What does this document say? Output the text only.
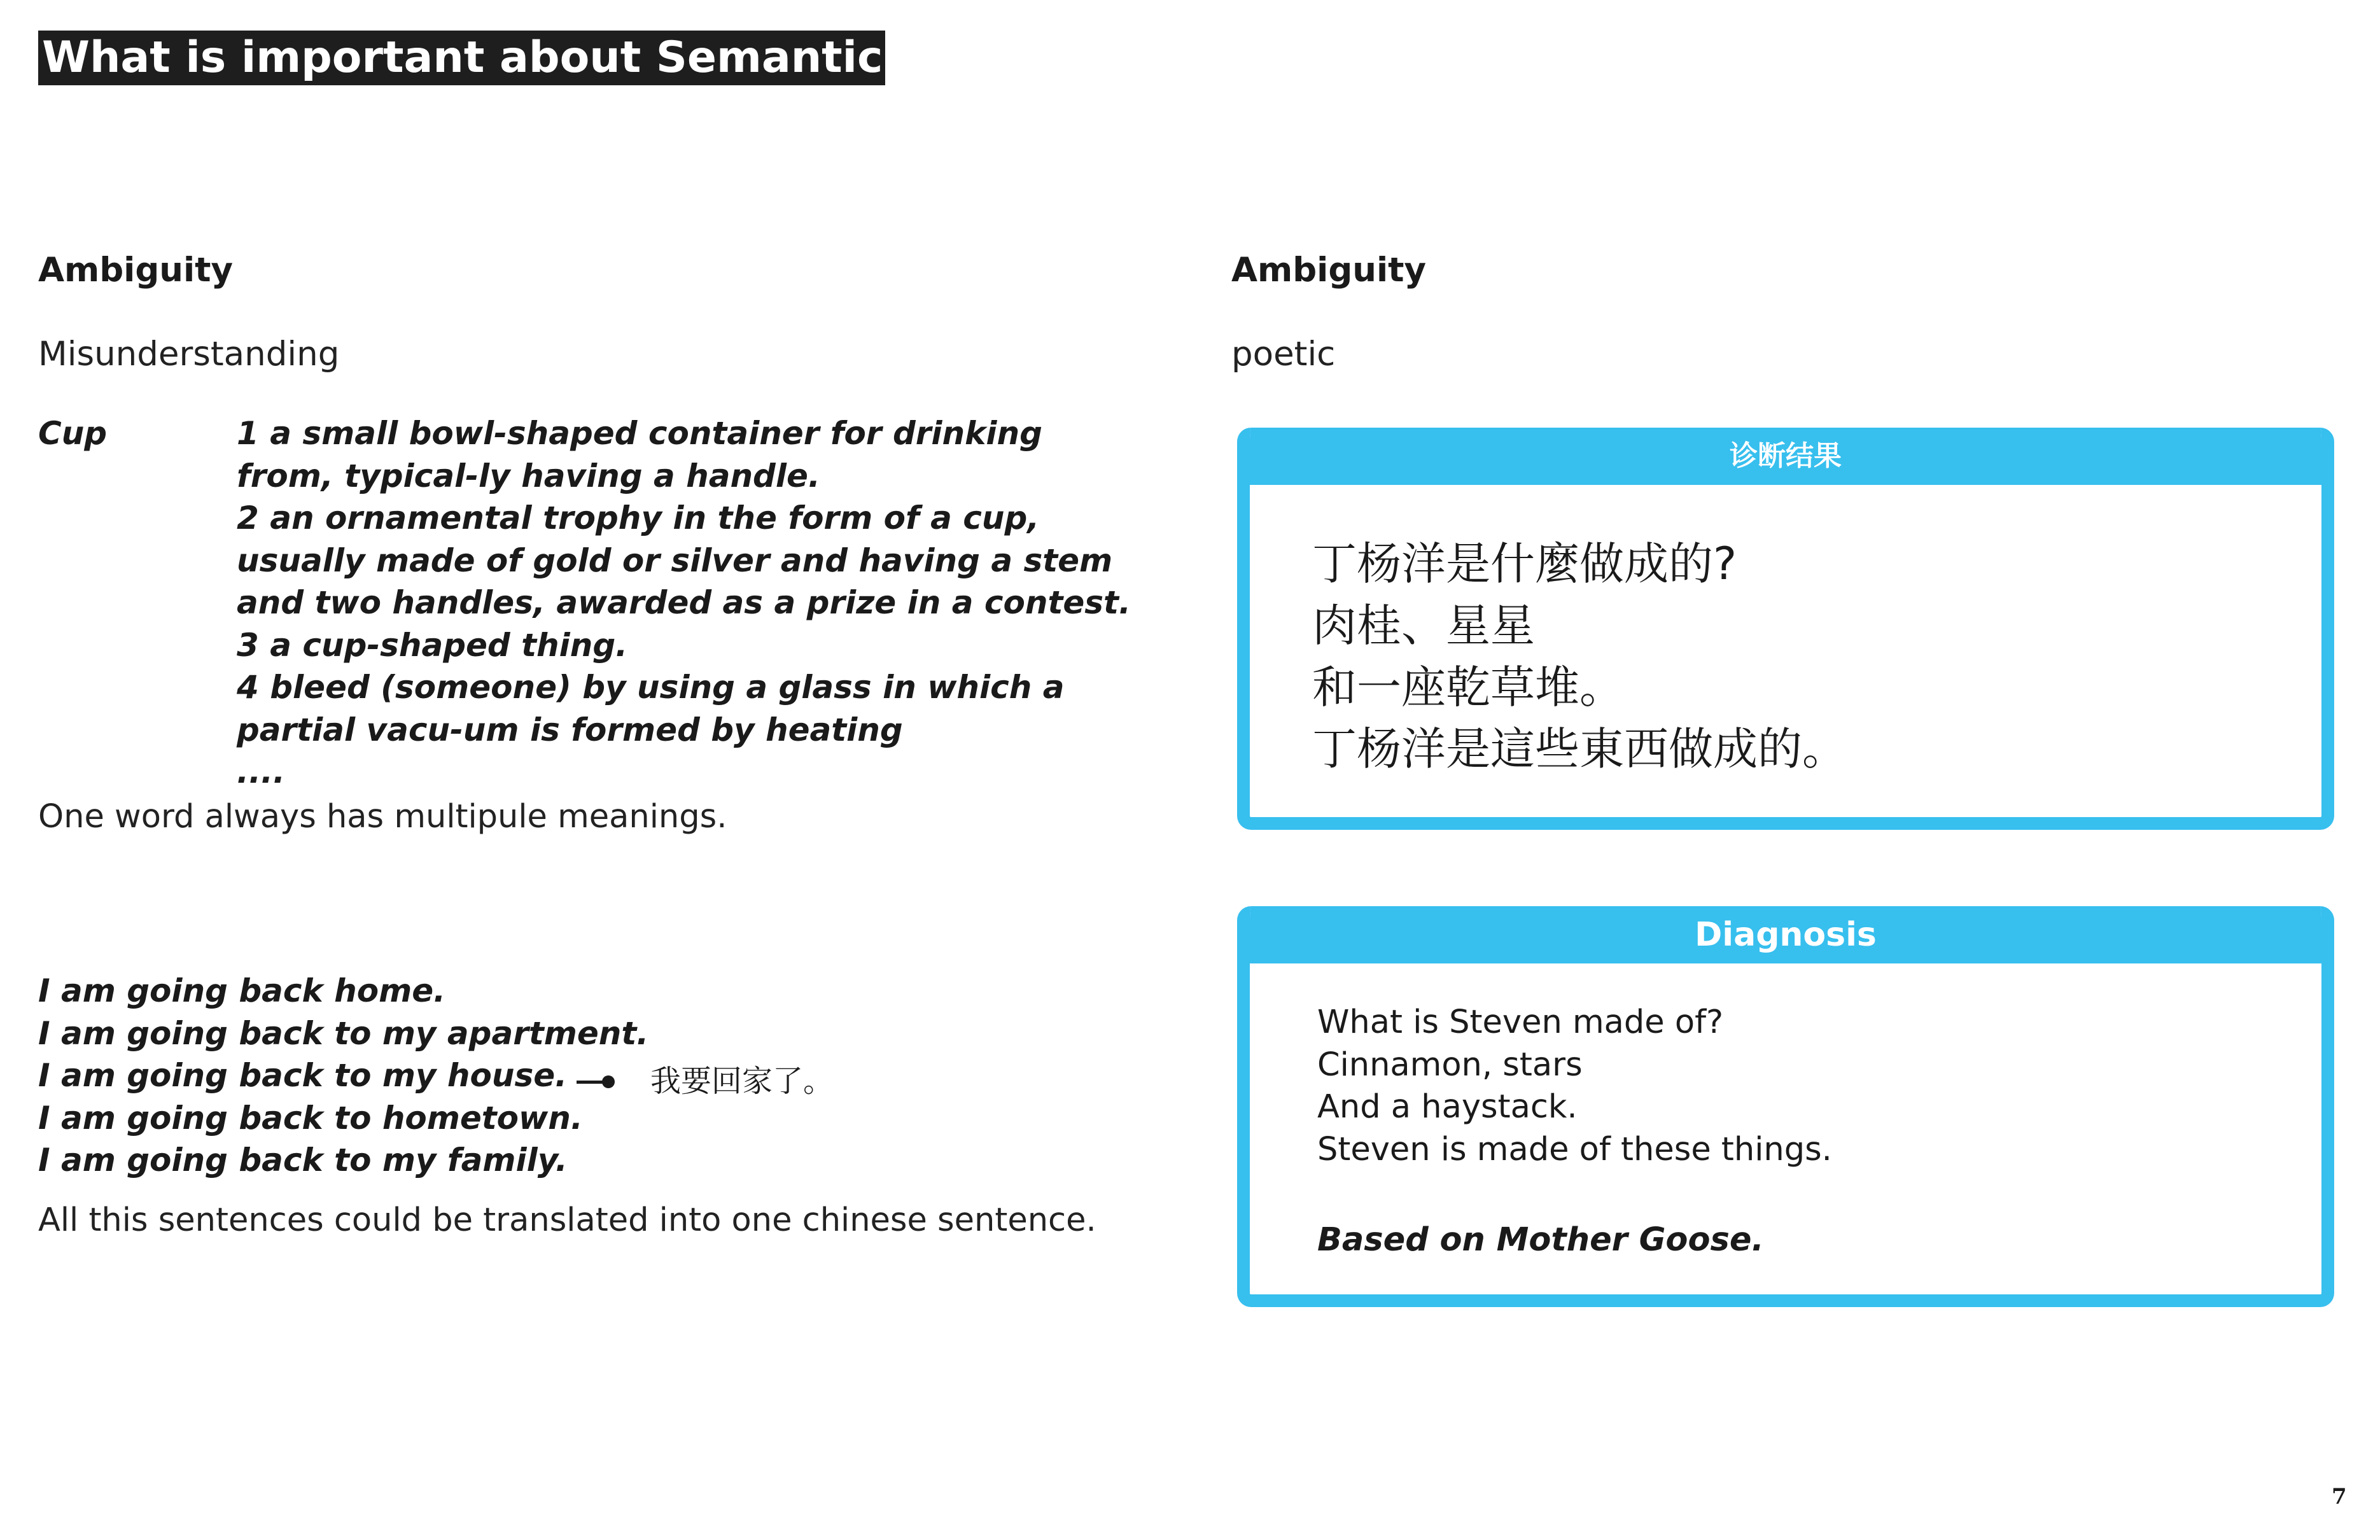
What is important about Semantic
Ambiguity
Misunderstanding
Cup	1 a small bowl-shaped container for drinking from, typical-ly having a handle.
2 an ornamental trophy in the form of a cup, usually made of gold or silver and having a stem and two handles, awarded as a prize in a contest.
3 a cup-shaped thing.
4 bleed (someone) by using a glass in which a partial vacu-um is formed by heating
....
One word always has multipule meanings.
I am going back home.
I am going back to my apartment.
I am going back to my house.
I am going back to hometown.
I am going back to my family.
我要回家了。
All this sentences could be translated into one chinese sentence.
Ambiguity
poetic
诊断结果
丁杨洋是什麼做成的?
肉桂、星星
和一座乾草堆。
丁杨洋是這些東西做成的。
Diagnosis
What is Steven made of?
Cinnamon, stars
And a haystack.
Steven is made of these things.
Based on Mother Goose.
7
